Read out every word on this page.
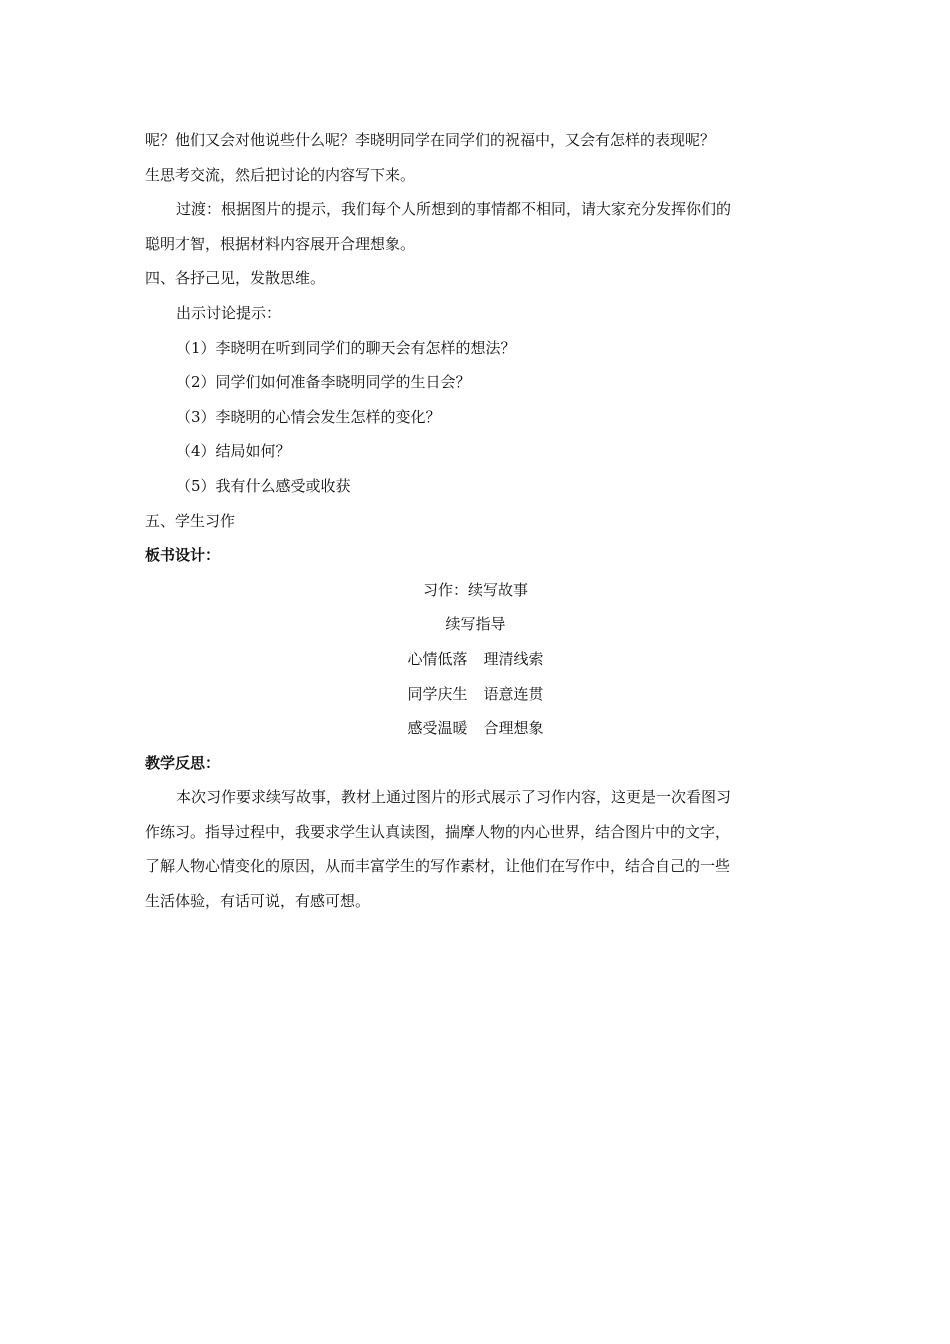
呢？他们又会对他说些什么呢？李晓明同学在同学们的祝福中，又会有怎样的表现呢？
生思考交流，然后把讨论的内容写下来。
过渡：根据图片的提示，我们每个人所想到的事情都不相同，请大家充分发挥你们的
聪明才智，根据材料内容展开合理想象。
四、各抒己见，发散思维。
出示讨论提示：
（1）李晓明在听到同学们的聊天会有怎样的想法？
（2）同学们如何准备李晓明同学的生日会？
（3）李晓明的心情会发生怎样的变化？
（4）结局如何？
（5）我有什么感受或收获
五、学生习作
板书设计：
习作：续写故事
续写指导
心情低落 理清线索
同学庆生 语意连贯
感受温暖 合理想象
教学反思：
本次习作要求续写故事，教材上通过图片的形式展示了习作内容，这更是一次看图习
作练习。指导过程中，我要求学生认真读图，揣摩人物的内心世界，结合图片中的文字，
了解人物心情变化的原因，从而丰富学生的写作素材，让他们在写作中，结合自己的一些
生活体验，有话可说，有感可想。
